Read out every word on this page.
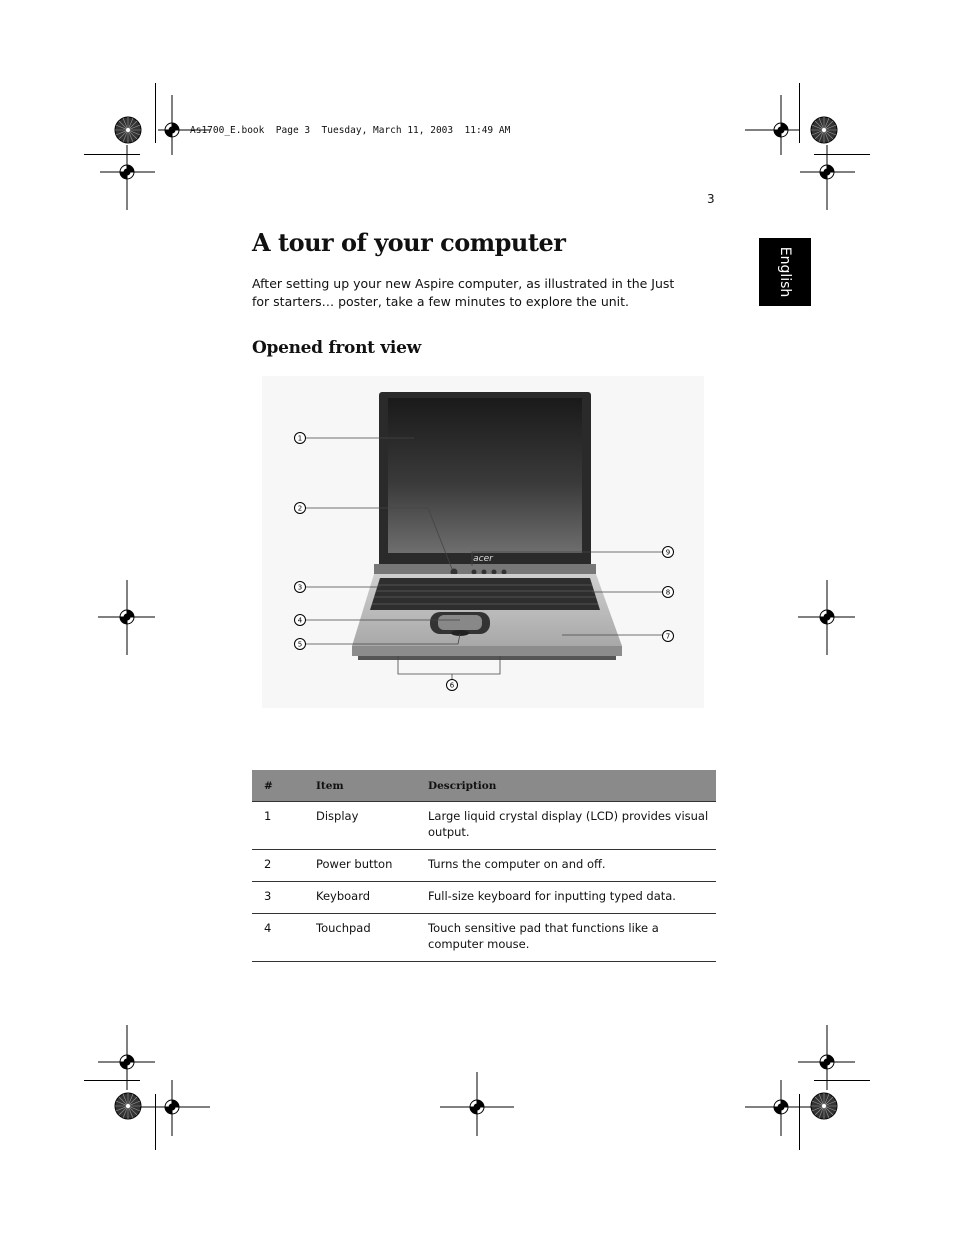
As1700_E.book  Page 3  Tuesday, March 11, 2003  11:49 AM
3
English
A tour of your computer

After setting up your new Aspire computer, as illustrated in the Just for starters… poster, take a few minutes to explore the unit.

Opened front view
acer
1
2
3
4
5
6
7
8
9
#	Item	Description
1	Display	Large liquid crystal display (LCD) provides visual output.
2	Power button	Turns the computer on and off.
3	Keyboard	Full-size keyboard for inputting typed data.
4	Touchpad	Touch sensitive pad that functions like a computer mouse.
